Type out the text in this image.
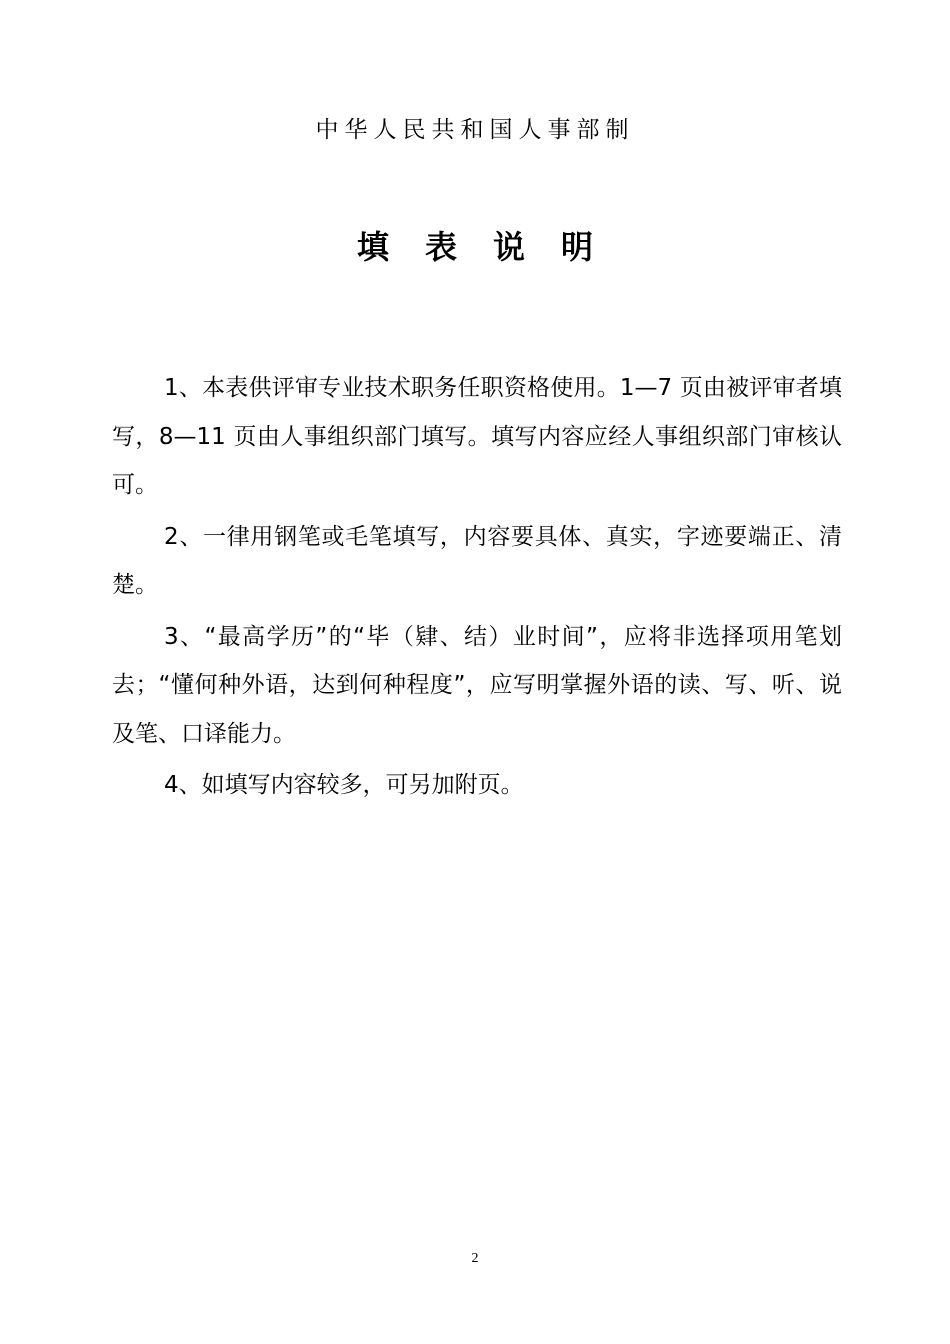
中华人民共和国人事部制
填表说明

1、本表供评审专业技术职务任职资格使用。1—7 页由被评审者填写，8—11 页由人事组织部门填写。填写内容应经人事组织部门审核认可。

2、一律用钢笔或毛笔填写，内容要具体、真实，字迹要端正、清楚。

3、“最高学历”的“毕（肄、结）业时间”，应将非选择项用笔划去；“懂何种外语，达到何种程度”，应写明掌握外语的读、写、听、说及笔、口译能力。

4、如填写内容较多，可另加附页。

2
